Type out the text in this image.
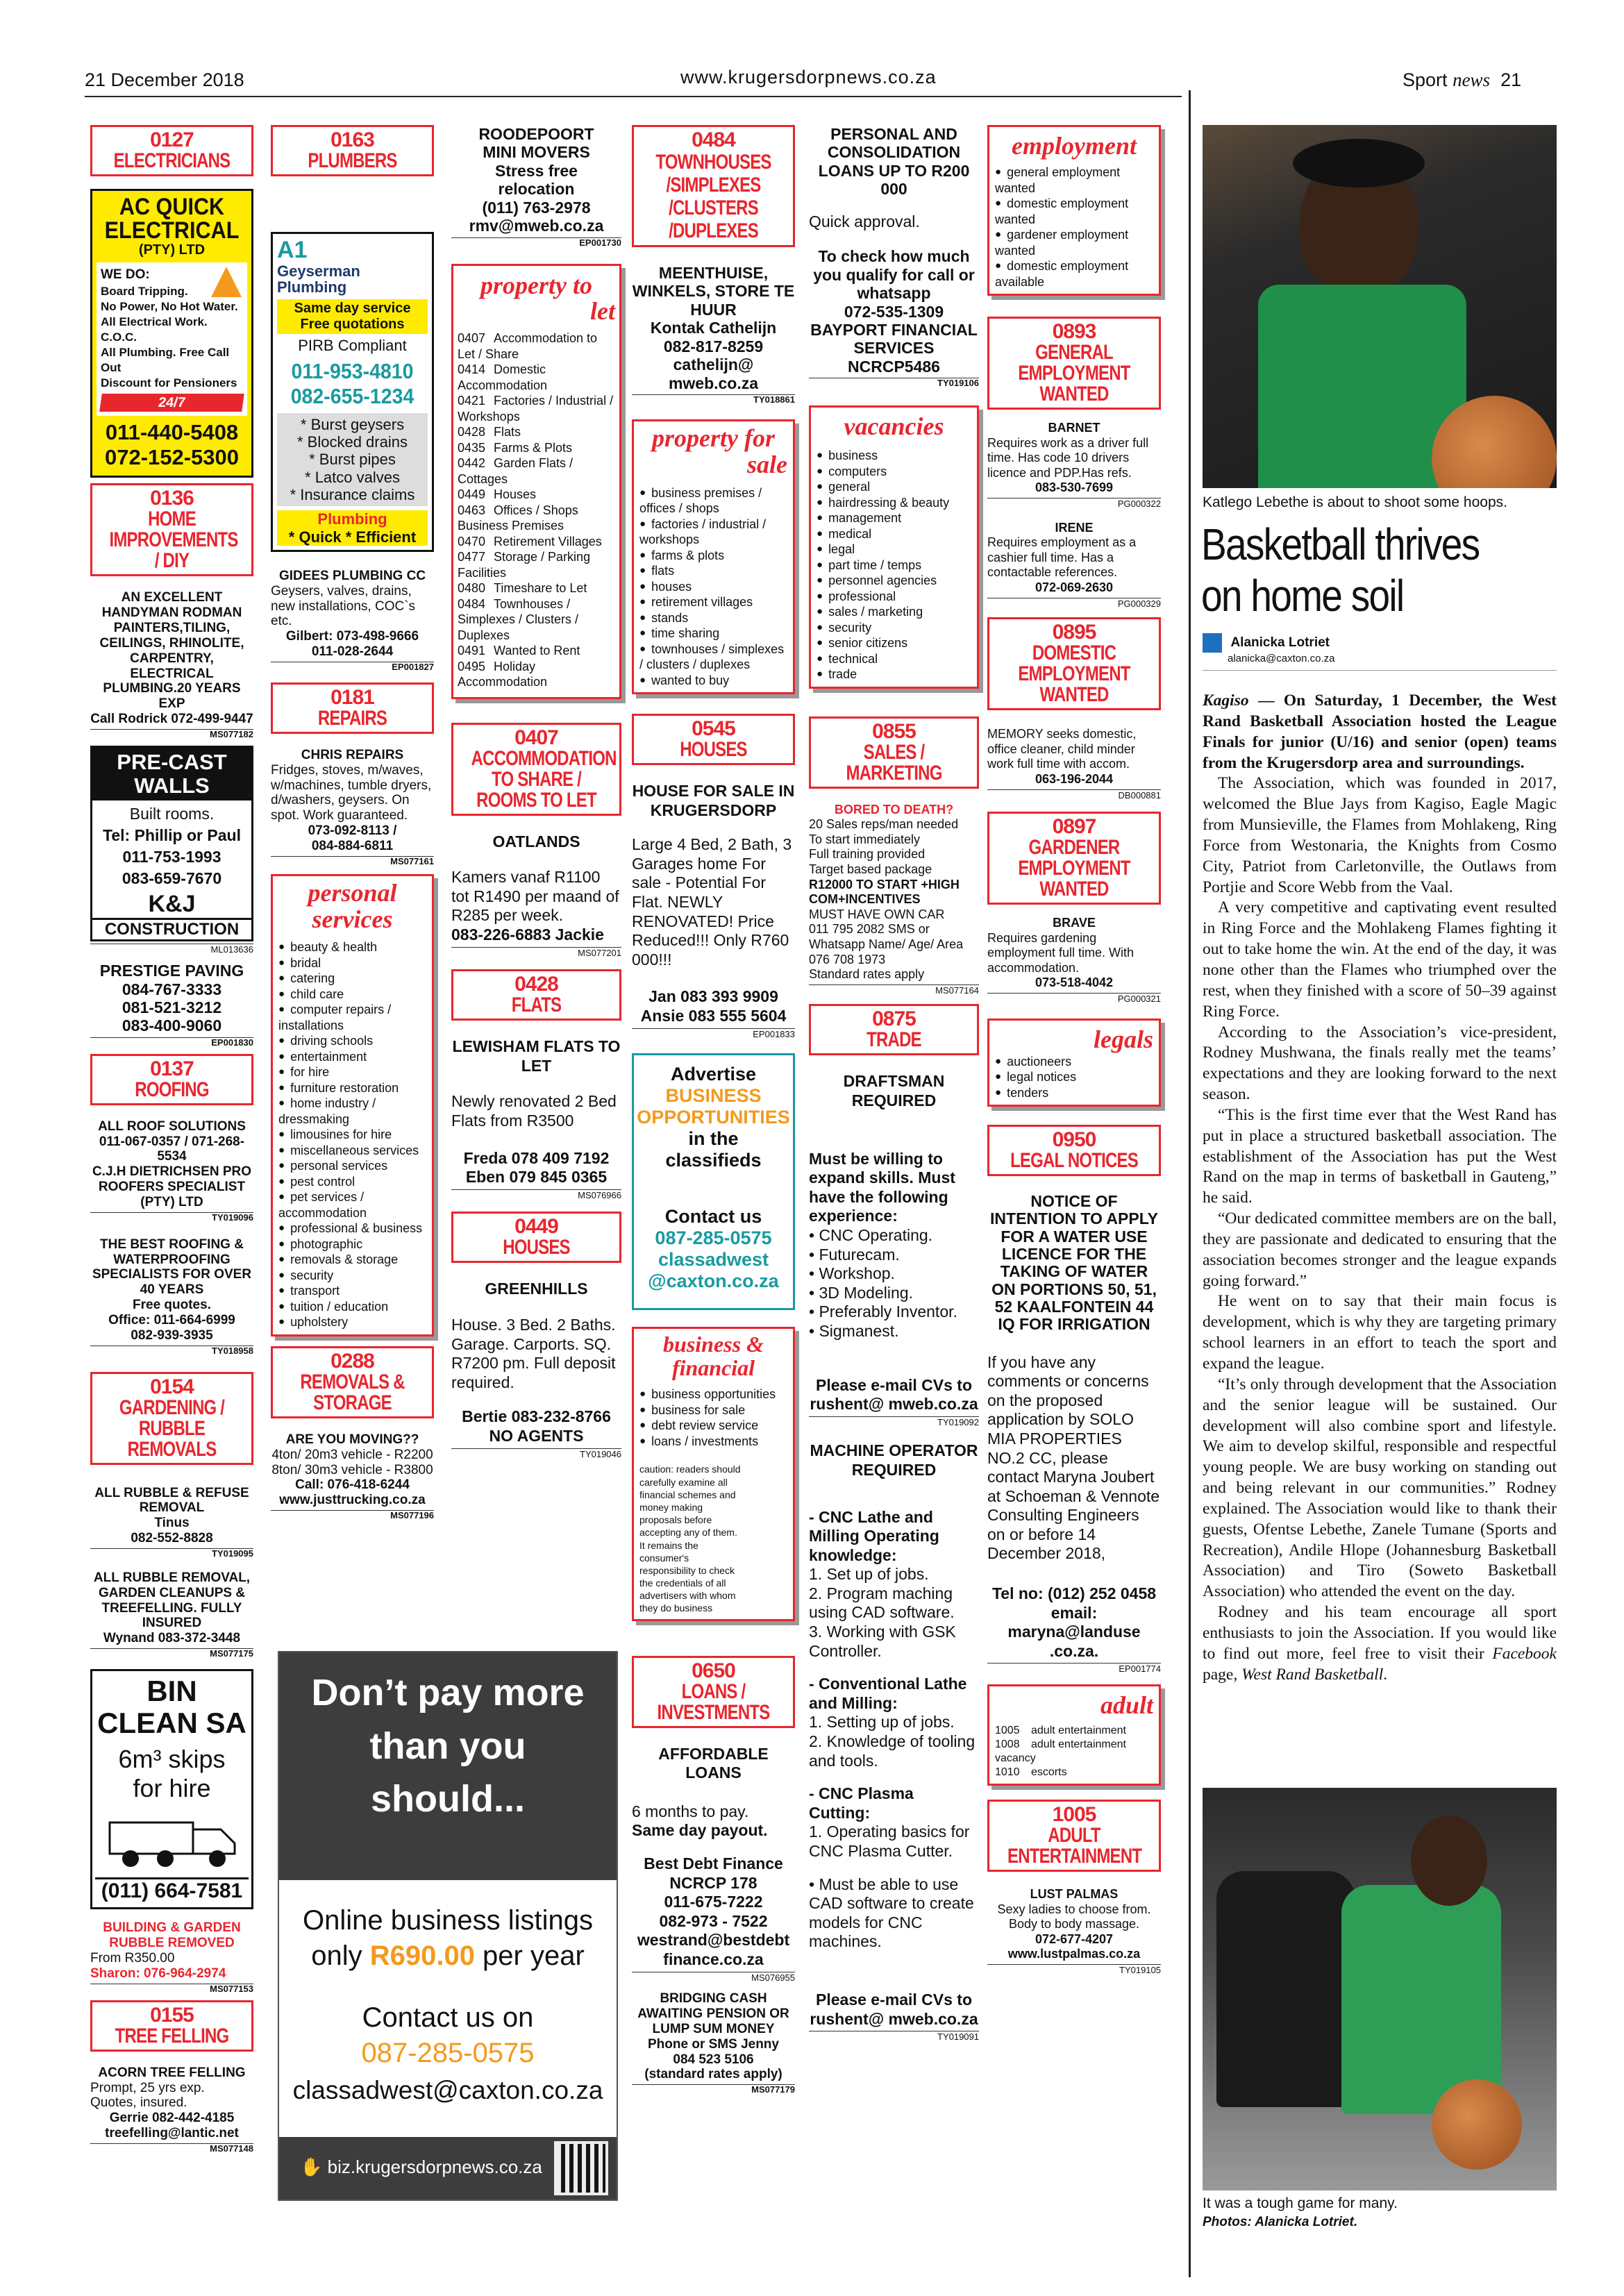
21 December 2018	www.krugersdorpnews.co.za	Sport news 21
0127
ELECTRICIANS
AC QUICK
ELECTRICAL
(PTY) LTD
WE DO:
Board Tripping.
No Power, No Hot Water.
All Electrical Work. C.O.C.
All Plumbing. Free Call Out
Discount for Pensioners
24/7
011-440-5408
072-152-5300
0136
HOME IMPROVEMENTS / DIY
AN EXCELLENT HANDYMAN RODMAN PAINTERS,TILING, CEILINGS, RHINOLITE, CARPENTRY, ELECTRICAL PLUMBING.20 YEARS EXP
Call Rodrick 072-499-9447
MS077182
PRE-CAST
WALLS
Built rooms.
Tel: Phillip or Paul
011-753-1993
083-659-7670
K&J
CONSTRUCTION
ML013636
PRESTIGE PAVING
084-767-3333
081-521-3212
083-400-9060
EP001830
0137
ROOFING
ALL ROOF SOLUTIONS
011-067-0357 / 071-268-5534
C.J.H DIETRICHSEN PRO ROOFERS SPECIALIST (PTY) LTD
TY019096
THE BEST ROOFING & WATERPROOFING SPECIALISTS FOR OVER 40 YEARS
Free quotes.
Office: 011-664-6999
082-939-3935
TY018958
0154
GARDENING / RUBBLE REMOVALS
ALL RUBBLE & REFUSE REMOVAL
Tinus
082-552-8828
TY019095
ALL RUBBLE REMOVAL, GARDEN CLEANUPS & TREEFELLING. FULLY INSURED
Wynand 083-372-3448
MS077175
BIN
CLEAN SA
6m³ skips
for hire
(011) 664-7581
BUILDING & GARDEN RUBBLE REMOVED
From R350.00
Sharon: 076-964-2974
MS077153
0155
TREE FELLING
ACORN TREE FELLING
Prompt, 25 yrs exp.
Quotes, insured.
Gerrie 082-442-4185
treefelling@lantic.net
MS077148
0163
PLUMBERS
A1
Geyserman
Plumbing
Same day service
Free quotations
PIRB Compliant
011-953-4810
082-655-1234
* Burst geysers
* Blocked drains
* Burst pipes
* Latco valves
* Insurance claims
Plumbing
* Quick * Efficient
GIDEES PLUMBING CC
Geysers, valves, drains, new installations, COC`s etc.
Gilbert: 073-498-9666
011-028-2644
EP001827
0181
REPAIRS
CHRIS REPAIRS
Fridges, stoves, m/waves, w/machines, tumble dryers, d/washers, geysers. On spot. Work guaranteed.
073-092-8113 /
084-884-6811
MS077161
personal
services
● beauty & health
● bridal
● catering
● child care
● computer repairs / installations
● driving schools
● entertainment
● for hire
● furniture restoration
● home industry / dressmaking
● limousines for hire
● miscellaneous services
● personal services
● pest control
● pet services / accommodation
● professional & business
● photographic
● removals & storage
● security
● transport
● tuition / education
● upholstery
0288
REMOVALS & STORAGE
ARE YOU MOVING??
4ton/ 20m3 vehicle - R2200
8ton/ 30m3 vehicle - R3800
Call: 076-418-6244
www.justtrucking.co.za
MS077196
Don’t pay more
than you
should...
Online business listings
only R690.00 per year
Contact us on
087-285-0575
classadwest@caxton.co.za
✋ biz.krugersdorpnews.co.za
ROODEPOORT
MINI MOVERS
Stress free
relocation
(011) 763-2978
rmv@mweb.co.za
EP001730
property to
let
0407 Accommodation to Let / Share
0414 Domestic Accommodation
0421 Factories / Industrial / Workshops
0428 Flats
0435 Farms & Plots
0442 Garden Flats / Cottages
0449 Houses
0463 Offices / Shops Business Premises
0470 Retirement Villages
0477 Storage / Parking Facilities
0480 Timeshare to Let
0484 Townhouses / Simplexes / Clusters / Duplexes
0491 Wanted to Rent
0495 Holiday Accommodation
0407
ACCOMMODATION TO SHARE / ROOMS TO LET
OATLANDS
Kamers vanaf R1100 tot R1490 per maand of R285 per week.
083-226-6883 Jackie
MS077201
0428
FLATS
LEWISHAM FLATS TO LET
Newly renovated 2 Bed Flats from R3500
Freda 078 409 7192
Eben 079 845 0365
MS076966
0449
HOUSES
GREENHILLS
House. 3 Bed. 2 Baths. Garage. Carports. SQ. R7200 pm. Full deposit required.
Bertie 083-232-8766
NO AGENTS
TY019046
0484
TOWNHOUSES /SIMPLEXES /CLUSTERS /DUPLEXES
MEENTHUISE, WINKELS, STORE TE HUUR
Kontak Cathelijn
082-817-8259
cathelijn@ mweb.co.za
TY018861
property for
sale
● business premises / offices / shops
● factories / industrial / workshops
● farms & plots
● flats
● houses
● retirement villages
● stands
● time sharing
● townhouses / simplexes / clusters / duplexes
● wanted to buy
0545
HOUSES
HOUSE FOR SALE IN KRUGERSDORP
Large 4 Bed, 2 Bath, 3 Garages home For sale - Potential For Flat. NEWLY RENOVATED! Price Reduced!!! Only R760 000!!!
Jan 083 393 9909
Ansie 083 555 5604
EP001833
Advertise
BUSINESS
OPPORTUNITIES
in the
classifieds
Contact us
087-285-0575
classadwest
@caxton.co.za
business &
financial
● business opportunities
● business for sale
● debt review service
● loans / investments
caution: readers should carefully examine all financial schemes and money making proposals before accepting any of them. It remains the consumer's responsibility to check the credentials of all advertisers with whom they do business
0650
LOANS / INVESTMENTS
AFFORDABLE LOANS
6 months to pay.
Same day payout.
Best Debt Finance NCRCP 178
011-675-7222
082-973 - 7522
westrand@bestdebt finance.co.za
MS076955
BRIDGING CASH AWAITING PENSION OR LUMP SUM MONEY
Phone or SMS Jenny
084 523 5106
(standard rates apply)
MS077179
PERSONAL AND CONSOLIDATION LOANS UP TO R200 000
Quick approval.
To check how much you qualify for call or whatsapp
072-535-1309
BAYPORT FINANCIAL SERVICES NCRCP5486
TY019106
vacancies
● business
● computers
● general
● hairdressing & beauty
● management
● medical
● legal
● part time / temps
● personnel agencies
● professional
● sales / marketing
● security
● senior citizens
● technical
● trade
0855
SALES / MARKETING
BORED TO DEATH?
20 Sales reps/man needed
To start immediately
Full training provided
Target based package
R12000 TO START +HIGH COM+INCENTIVES
MUST HAVE OWN CAR
011 795 2082 SMS or Whatsapp Name/ Age/ Area 076 708 1973
Standard rates apply
MS077164
0875
TRADE
DRAFTSMAN REQUIRED
Must be willing to expand skills. Must have the following experience:
• CNC Operating.
• Futurecam.
• Workshop.
• 3D Modeling.
• Preferably Inventor.
• Sigmanest.
Please e-mail CVs to
rushent@ mweb.co.za
TY019092
MACHINE OPERATOR REQUIRED
- CNC Lathe and Milling Operating knowledge:
1. Set up of jobs.
2. Program maching using CAD software.
3. Working with GSK Controller.
- Conventional Lathe and Milling:
1. Setting up of jobs.
2. Knowledge of tooling and tools.
- CNC Plasma Cutting:
1. Operating basics for CNC Plasma Cutter.
• Must be able to use CAD software to create models for CNC machines.
Please e-mail CVs to
rushent@ mweb.co.za
TY019091
employment
● general employment wanted
● domestic employment wanted
● gardener employment wanted
● domestic employment available
0893
GENERAL EMPLOYMENT WANTED
BARNET
Requires work as a driver full time. Has code 10 drivers licence and PDP.Has refs.
083-530-7699
PG000322
IRENE
Requires employment as a cashier full time. Has a contactable references.
072-069-2630
PG000329
0895
DOMESTIC EMPLOYMENT WANTED
MEMORY seeks domestic, office cleaner, child minder work full time with accom.
063-196-2044
DB000881
0897
GARDENER EMPLOYMENT WANTED
BRAVE
Requires gardening employment full time. With accommodation.
073-518-4042
PG000321
legals
● auctioneers
● legal notices
● tenders
0950
LEGAL NOTICES
NOTICE OF INTENTION TO APPLY FOR A WATER USE LICENCE FOR THE TAKING OF WATER ON PORTIONS 50, 51, 52 KAALFONTEIN 44 IQ FOR IRRIGATION
If you have any comments or concerns on the proposed application by SOLO MIA PROPERTIES NO.2 CC, please contact Maryna Joubert at Schoeman & Vennote Consulting Engineers on or before 14 December 2018,
Tel no: (012) 252 0458
email:
maryna@landuse .co.za.
EP001774
adult
1005 adult entertainment
1008 adult entertainment vacancy
1010 escorts
1005
ADULT ENTERTAINMENT
LUST PALMAS
Sexy ladies to choose from. Body to body massage.
072-677-4207
www.lustpalmas.co.za
TY019105
Katlego Lebethe is about to shoot some hoops.
Basketball thrives
on home soil
Alanicka Lotriet
alanicka@caxton.co.za
Kagiso — On Saturday, 1 December, the West Rand Basketball Association hosted the League Finals for junior (U/16) and senior (open) teams from the Krugersdorp area and surroundings.

The Association, which was founded in 2017, welcomed the Blue Jays from Kagiso, Eagle Magic from Munsieville, the Flames from Mohlakeng, Ring Force from Westonaria, the Knights from Cosmo City, Patriot from Carletonville, the Outlaws from Portjie and Score Webb from the Vaal.

A very competitive and captivating event resulted in Ring Force and the Mohlakeng Flames fighting it out to take home the win. At the end of the day, it was none other than the Flames who triumphed over the rest, when they finished with a score of 50–39 against Ring Force.

According to the Association’s vice-president, Rodney Mushwana, the finals really met the teams’ expectations and they are looking forward to the next season.

“This is the first time ever that the West Rand has put in place a structured basketball association. The establishment of the Association has put the West Rand on the map in terms of basketball in Gauteng,” he said.

“Our dedicated committee members are on the ball, they are passionate and dedicated to ensuring that the association becomes stronger and the league expands going forward.”

He went on to say that their main focus is development, which is why they are targeting primary school learners in an effort to teach the sport and expand the league.

“It’s only through development that the Association and the senior league will be sustained. Our development will also combine sport and lifestyle. We aim to develop skilful, responsible and respectful young people. We are busy working on standing out and being relevant in our communities.” Rodney explained. The Association would like to thank their guests, Ofentse Lebethe, Zanele Tumane (Sports and Recreation), Andile Hlope (Johannesburg Basketball Association) and Tiro (Soweto Basketball Association) who attended the event on the day.

Rodney and his team encourage all sport enthusiasts to join the Association. If you would like to find out more, feel free to visit their Facebook page, West Rand Basketball.

It was a tough game for many.
Photos: Alanicka Lotriet.
